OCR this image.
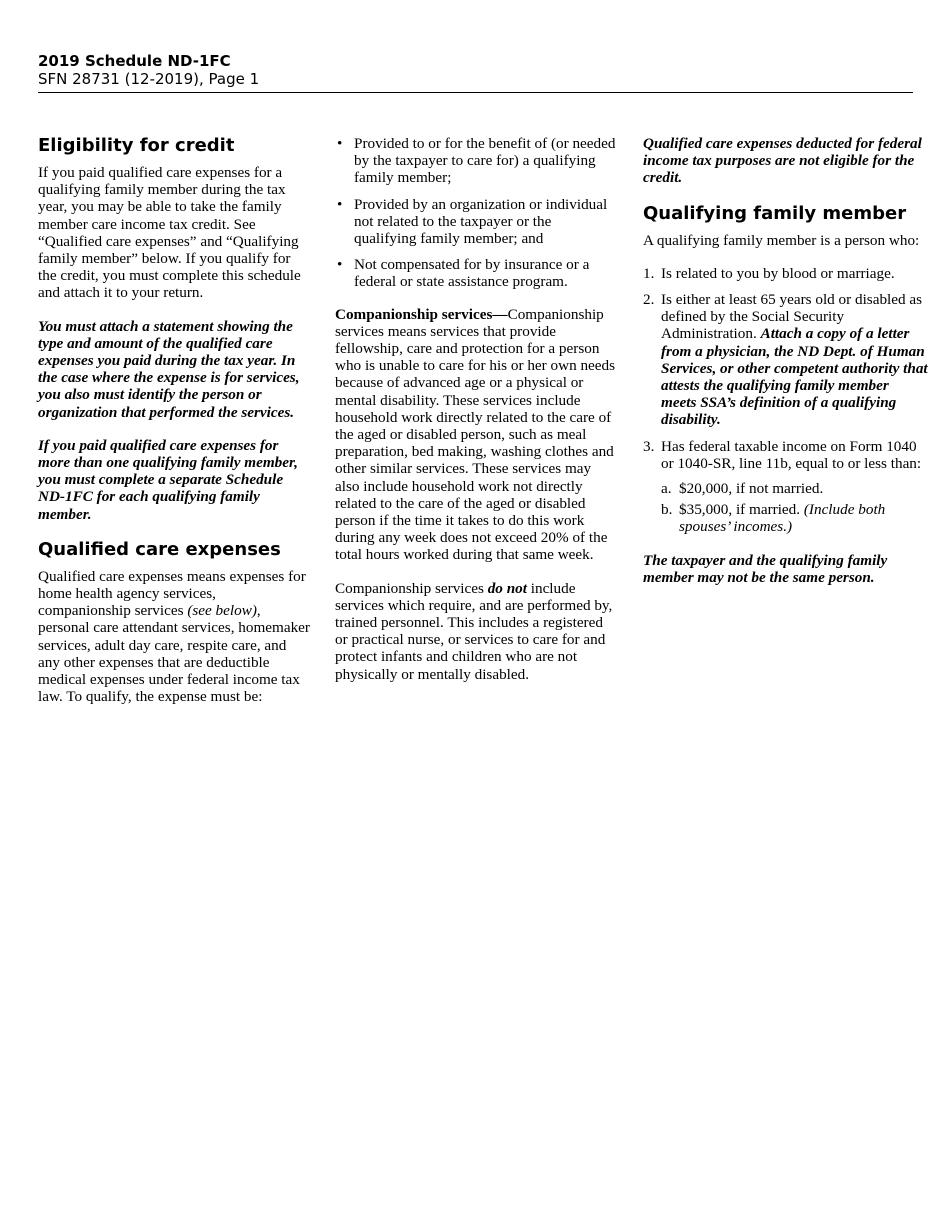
2019 Schedule ND-1FC
SFN 28731 (12-2019), Page 1
Eligibility for credit

If you paid qualified care expenses for a qualifying family member during the tax year, you may be able to take the family member care income tax credit. See “Qualified care expenses” and “Qualifying family member” below. If you qualify for the credit, you must complete this schedule and attach it to your return.

You must attach a statement showing the type and amount of the qualified care expenses you paid during the tax year. In the case where the expense is for services, you also must identify the person or organization that performed the services.

If you paid qualified care expenses for more than one qualifying family member, you must complete a separate Schedule ND-1FC for each qualifying family member.

Qualified care expenses

Qualified care expenses means expenses for home health agency services, companionship services (see below), personal care attendant services, homemaker services, adult day care, respite care, and any other expenses that are deductible medical expenses under federal income tax law. To qualify, the expense must be:

• Provided to or for the benefit of (or needed by the taxpayer to care for) a qualifying family member;
• Provided by an organization or individual not related to the taxpayer or the qualifying family member; and
• Not compensated for by insurance or a federal or state assistance program.

Companionship services—Companionship services means services that provide fellowship, care and protection for a person who is unable to care for his or her own needs because of advanced age or a physical or mental disability. These services include household work directly related to the care of the aged or disabled person, such as meal preparation, bed making, washing clothes and other similar services. These services may also include household work not directly related to the care of the aged or disabled person if the time it takes to do this work during any week does not exceed 20% of the total hours worked during that same week.

Companionship services do not include services which require, and are performed by, trained personnel. This includes a registered or practical nurse, or services to care for and protect infants and children who are not physically or mentally disabled.

Qualified care expenses deducted for federal income tax purposes are not eligible for the credit.

Qualifying family member

A qualifying family member is a person who:

1. Is related to you by blood or marriage.
2. Is either at least 65 years old or disabled as defined by the Social Security Administration. Attach a copy of a letter from a physician, the ND Dept. of Human Services, or other competent authority that attests the qualifying family member meets SSA’s definition of a qualifying disability.
3. Has federal taxable income on Form 1040 or 1040-SR, line 11b, equal to or less than:
a. $20,000, if not married.
b. $35,000, if married. (Include both spouses’ incomes.)

The taxpayer and the qualifying family member may not be the same person.
